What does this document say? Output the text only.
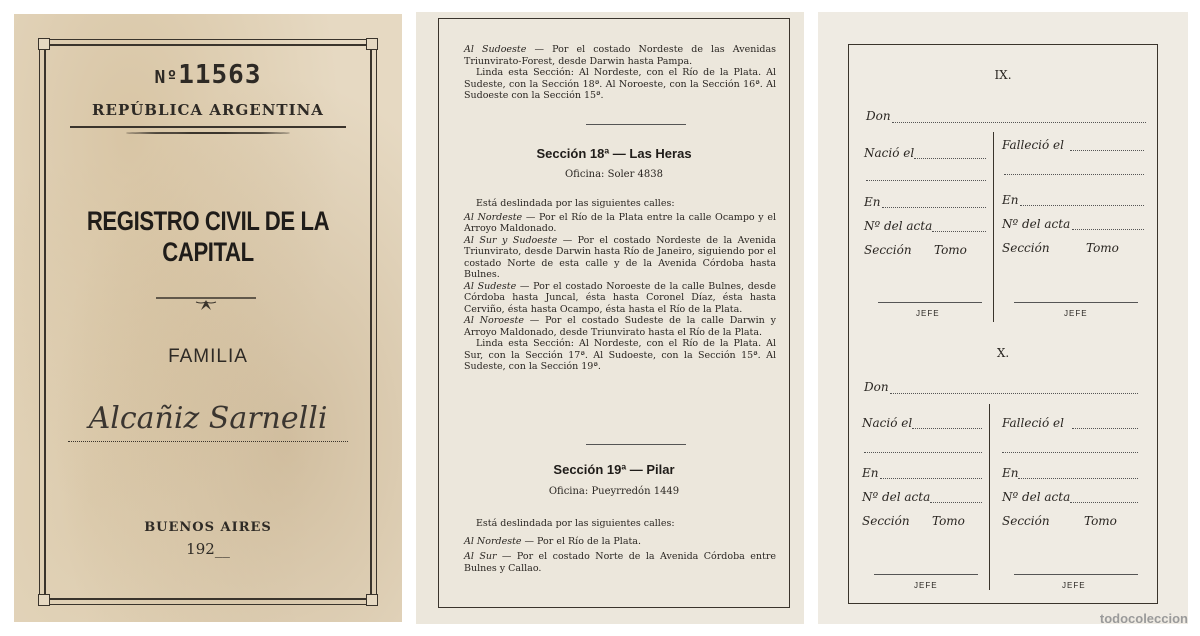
Nº11563
REPÚBLICA ARGENTINA
REGISTRO CIVIL DE LA CAPITAL
FAMILIA
Alcañiz Sarnelli
BUENOS AIRES
192__
Al Sudoeste — Por el costado Nordeste de las Avenidas Triunvirato-Forest, desde Darwin hasta Pampa.
Linda esta Sección: Al Nordeste, con el Río de la Plata. Al Sudeste, con la Sección 18ª. Al Noroeste, con la Sección 16ª. Al Sudoeste con la Sección 15ª.
Sección 18ª — Las Heras
Oficina: Soler 4838
Está deslindada por las siguientes calles:
Al Nordeste — Por el Río de la Plata entre la calle Ocampo y el Arroyo Maldonado.
Al Sur y Sudoeste — Por el costado Nordeste de la Avenida Triunvirato, desde Darwin hasta Río de Janeiro, siguiendo por el costado Norte de esta calle y de la Avenida Córdoba hasta Bulnes.
Al Sudeste — Por el costado Noroeste de la calle Bulnes, desde Córdoba hasta Juncal, ésta hasta Coronel Díaz, ésta hasta Cerviño, ésta hasta Ocampo, ésta hasta el Río de la Plata.
Al Noroeste — Por el costado Sudeste de la calle Darwin y Arroyo Maldonado, desde Triunvirato hasta el Río de la Plata.
Linda esta Sección: Al Nordeste, con el Río de la Plata. Al Sur, con la Sección 17ª. Al Sudoeste, con la Sección 15ª. Al Sudeste, con la Sección 19ª.
Sección 19ª — Pilar
Oficina: Pueyrredón 1449
Está deslindada por las siguientes calles:
Al Nordeste — Por el Río de la Plata.
Al Sur — Por el costado Norte de la Avenida Córdoba entre Bulnes y Callao.
IX.
Don
Nació el
En
Nº del acta
Sección Tomo
JEFE
Falleció el
En
Nº del acta
Sección	Tomo
JEFE
X.
Don
Nació el
En
Nº del acta
Sección Tomo
JEFE
Falleció el
En
Nº del acta
Sección	Tomo
JEFE
todocoleccion
